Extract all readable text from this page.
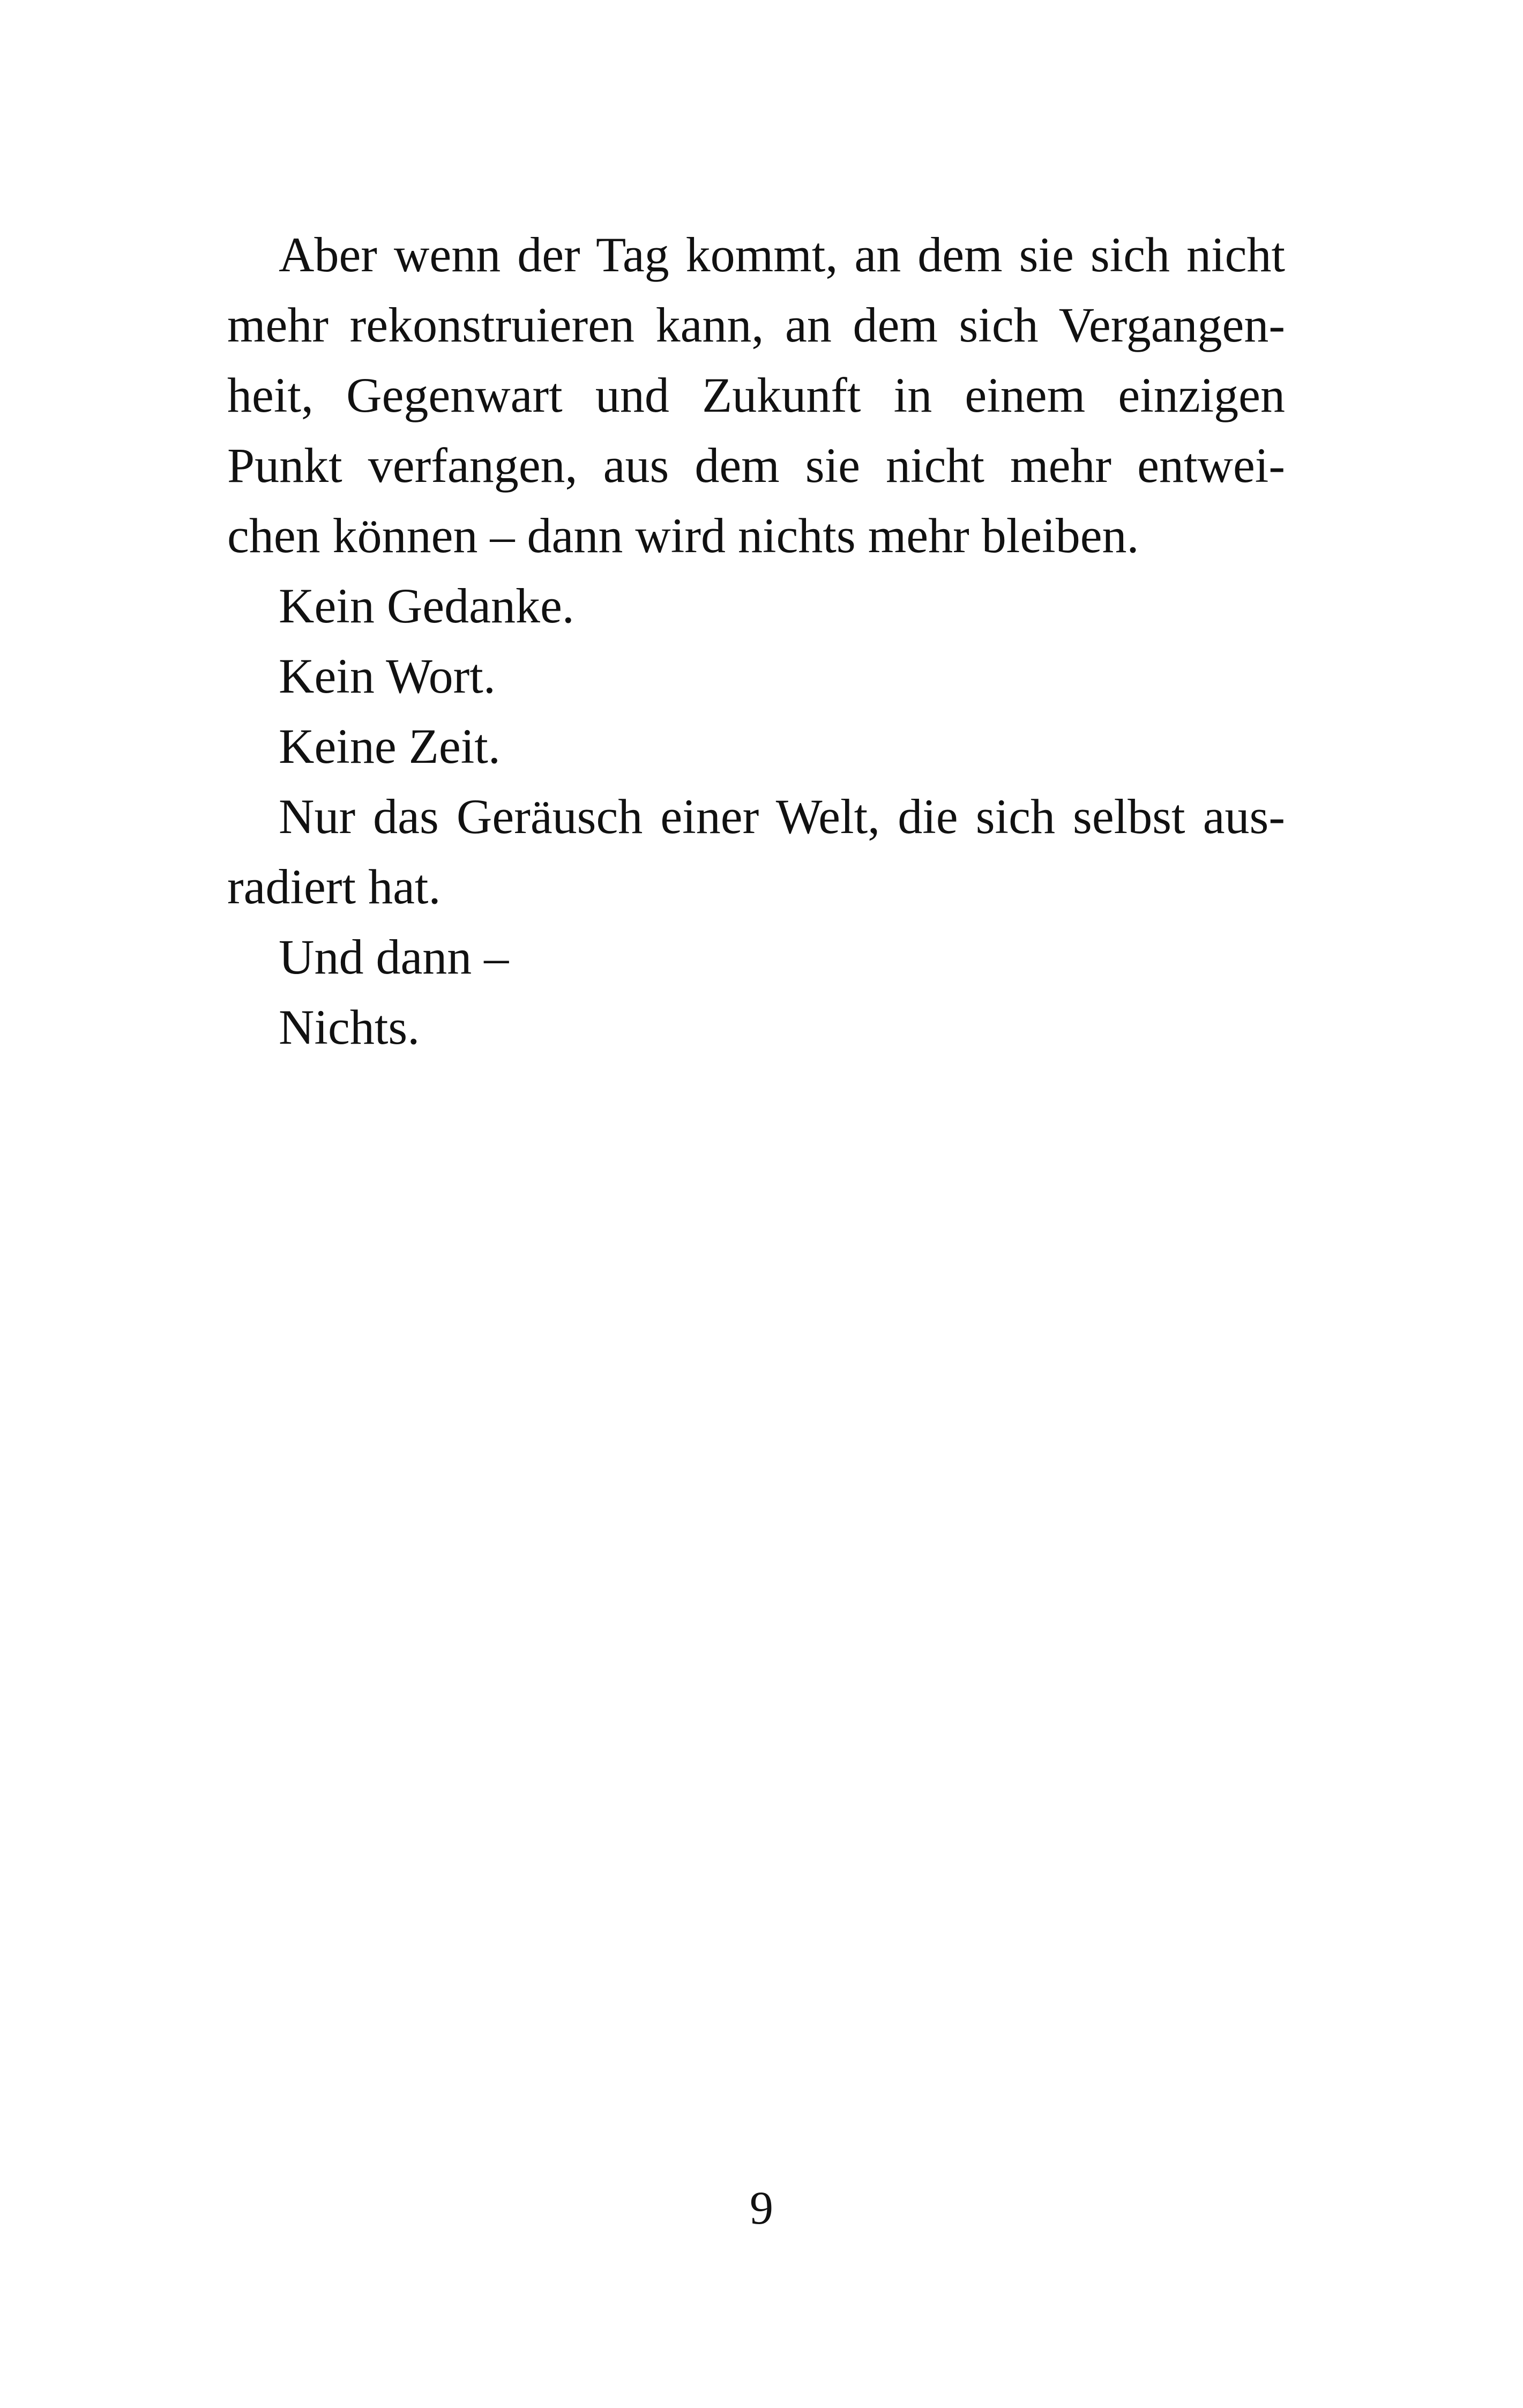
Aber wenn der Tag kommt, an dem sie sich nicht
mehr rekonstruieren kann, an dem sich Vergangen-
heit, Gegenwart und Zukunft in einem einzigen
Punkt verfangen, aus dem sie nicht mehr entwei-
chen können – dann wird nichts mehr bleiben.
Kein Gedanke.
Kein Wort.
Keine Zeit.
Nur das Geräusch einer Welt, die sich selbst aus-
radiert hat.
Und dann –
Nichts.
9
